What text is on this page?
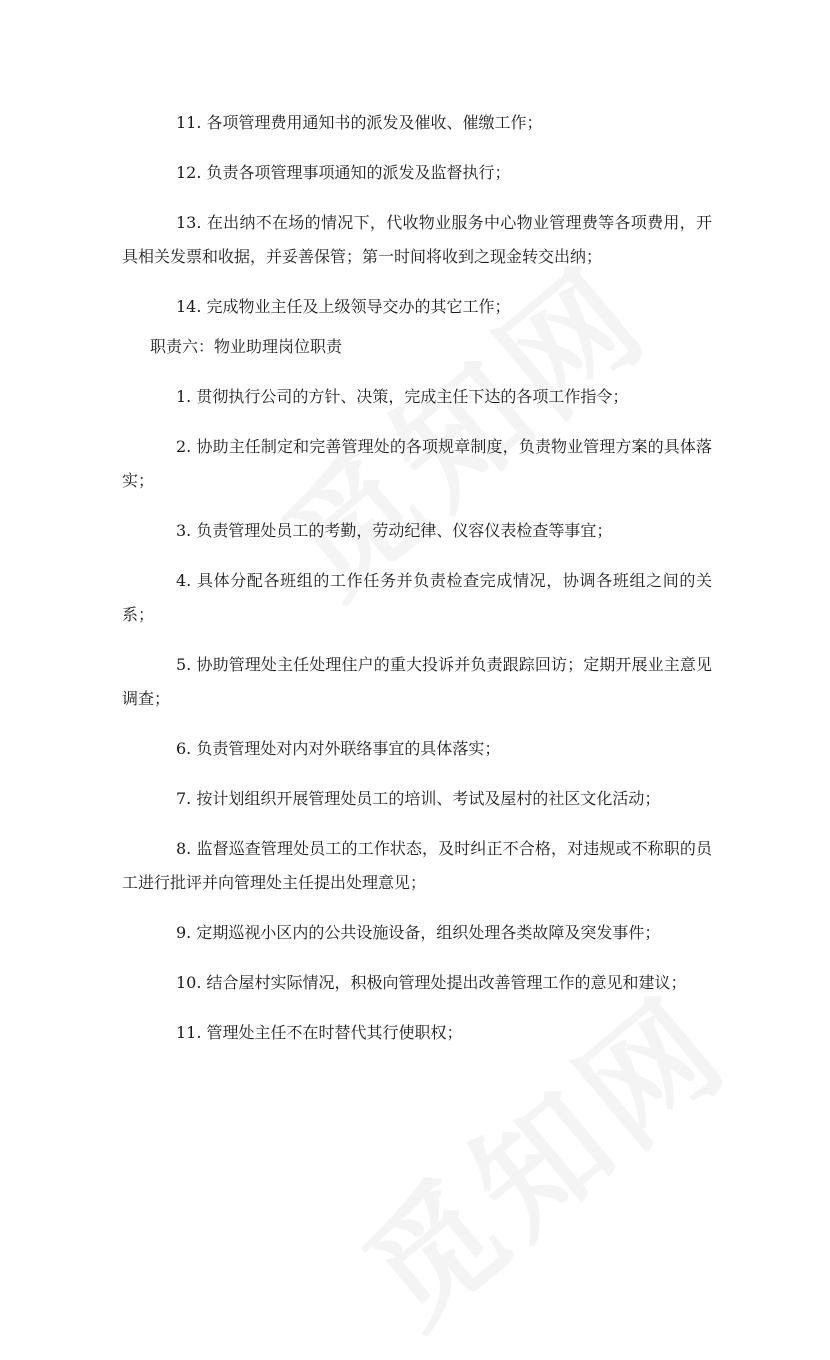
11. 各项管理费用通知书的派发及催收、催缴工作；

12. 负责各项管理事项通知的派发及监督执行；

13. 在出纳不在场的情况下，代收物业服务中心物业管理费等各项费用，开具相关发票和收据，并妥善保管；第一时间将收到之现金转交出纳；

14. 完成物业主任及上级领导交办的其它工作；

职责六：物业助理岗位职责

1. 贯彻执行公司的方针、决策，完成主任下达的各项工作指令；

2. 协助主任制定和完善管理处的各项规章制度，负责物业管理方案的具体落实；

3. 负责管理处员工的考勤，劳动纪律、仪容仪表检查等事宜；

4. 具体分配各班组的工作任务并负责检查完成情况，协调各班组之间的关系；

5. 协助管理处主任处理住户的重大投诉并负责跟踪回访；定期开展业主意见调查；

6. 负责管理处对内对外联络事宜的具体落实；

7. 按计划组织开展管理处员工的培训、考试及屋村的社区文化活动；

8. 监督巡查管理处员工的工作状态，及时纠正不合格，对违规或不称职的员工进行批评并向管理处主任提出处理意见；

9. 定期巡视小区内的公共设施设备，组织处理各类故障及突发事件；

10. 结合屋村实际情况，积极向管理处提出改善管理工作的意见和建议；

11. 管理处主任不在时替代其行使职权；
